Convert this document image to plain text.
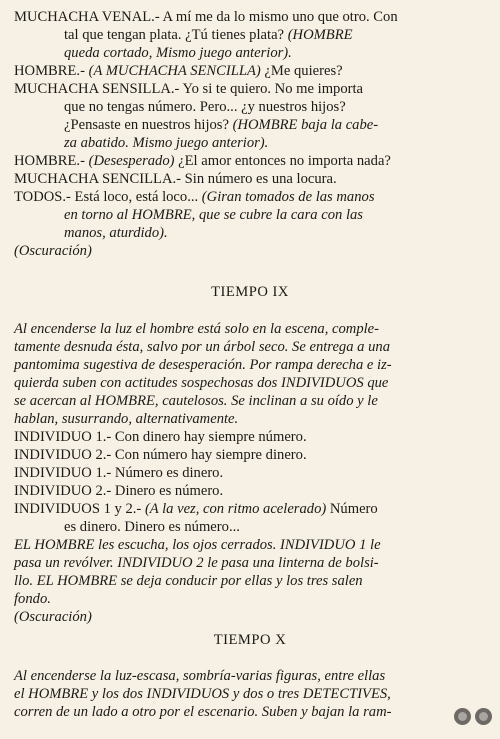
MUCHACHA VENAL.- A mí me da lo mismo uno que otro. Con
tal que tengan plata. ¿Tú tienes plata? (HOMBRE
queda cortado, Mismo juego anterior).
HOMBRE.- (A MUCHACHA SENCILLA) ¿Me quieres?
MUCHACHA SENSILLA.- Yo si te quiero. No me importa
que no tengas número. Pero... ¿y nuestros hijos?
¿Pensaste en nuestros hijos? (HOMBRE baja la cabe-
za abatido. Mismo juego anterior).
HOMBRE.- (Desesperado) ¿El amor entonces no importa nada?
MUCHACHA SENCILLA.- Sin número es una locura.
TODOS.- Está loco, está loco... (Giran tomados de las manos
en torno al HOMBRE, que se cubre la cara con las
manos, aturdido).
(Oscuración)
TIEMPO IX
Al encenderse la luz el hombre está solo en la escena, comple-
tamente desnuda ésta, salvo por un árbol seco. Se entrega a una
pantomima sugestiva de desesperación. Por rampa derecha e iz-
quierda suben con actitudes sospechosas dos INDIVIDUOS que
se acercan al HOMBRE, cautelosos. Se inclinan a su oído y le
hablan, susurrando, alternativamente.
INDIVIDUO 1.- Con dinero hay siempre número.
INDIVIDUO 2.- Con número hay siempre dinero.
INDIVIDUO 1.- Número es dinero.
INDIVIDUO 2.- Dinero es número.
INDIVIDUOS 1 y 2.- (A la vez, con ritmo acelerado) Número
es dinero. Dinero es número...
EL HOMBRE les escucha, los ojos cerrados. INDIVIDUO 1 le
pasa un revólver. INDIVIDUO 2 le pasa una linterna de bolsi-
llo. EL HOMBRE se deja conducir por ellas y los tres salen
fondo.
(Oscuración)
TIEMPO X
Al encenderse la luz-escasa, sombría-varias figuras, entre ellas
el HOMBRE y los dos INDIVIDUOS y dos o tres DETECTIVES,
corren de un lado a otro por el escenario. Suben y bajan la ram-
